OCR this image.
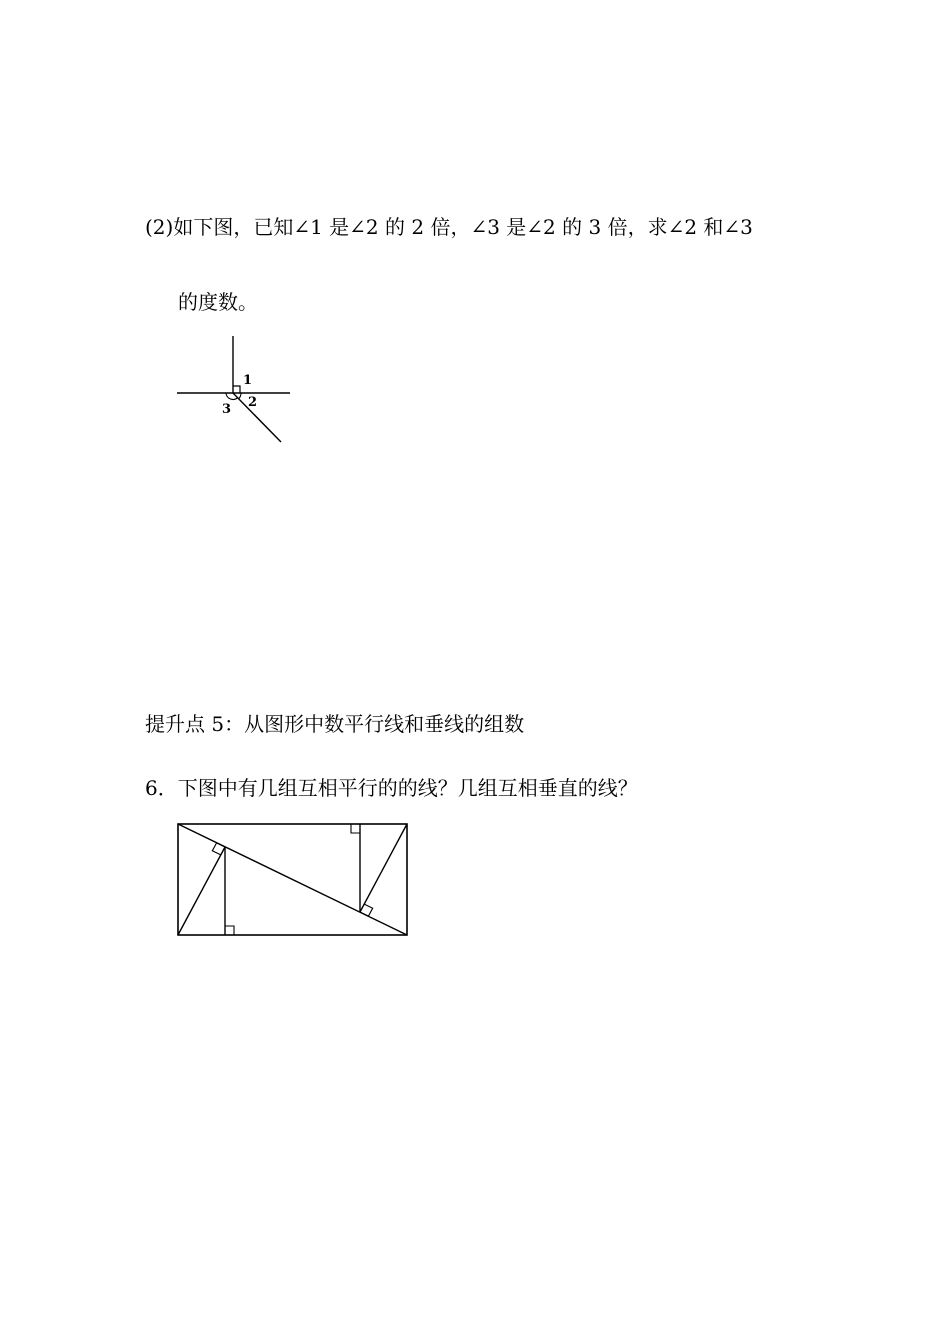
(2)如下图，已知∠1 是∠2 的 2 倍，∠3 是∠2 的 3 倍，求∠2 和∠3
的度数。
1
2
3
提升点 5：从图形中数平行线和垂线的组数
6．下图中有几组互相平行的的线？几组互相垂直的线？
